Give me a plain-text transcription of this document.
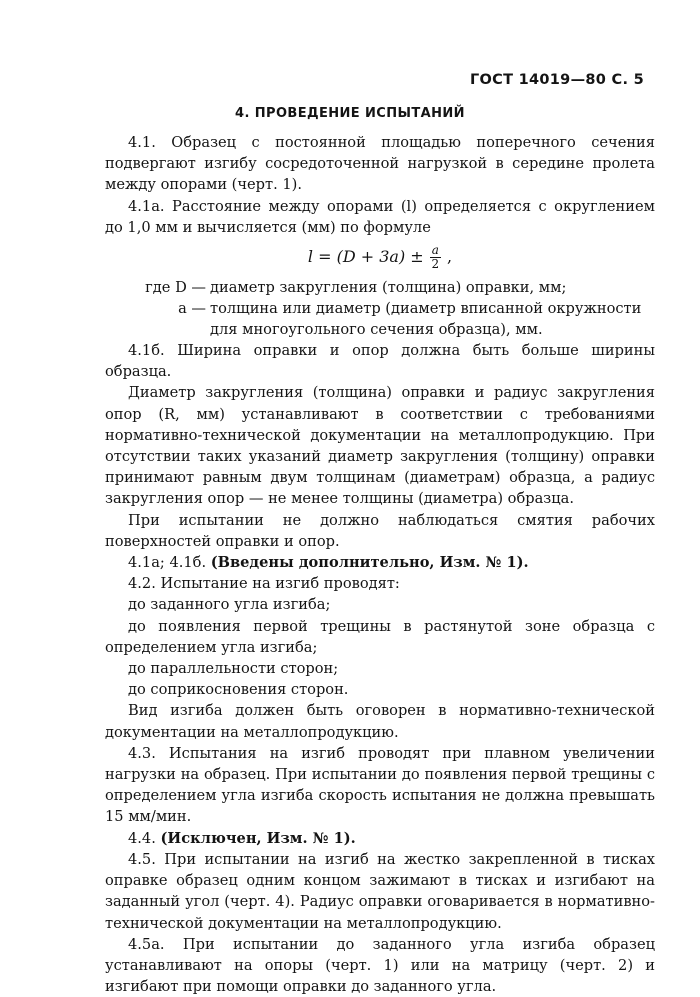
ГОСТ 14019—80 С. 5
4. ПРОВЕДЕНИЕ ИСПЫТАНИЙ

4.1. Образец с постоянной площадью поперечного сечения подвергают изгибу сосредоточенной нагрузкой в середине пролета между опорами (черт. 1).

4.1а. Расстояние между опорами (l) определяется с округлением до 1,0 мм и вычисляется (мм) по формуле

$l = (D + 3a) \pm \frac{a}{2}$ ,
где D — диаметр закругления (толщина) оправки, мм;
a — толщина или диаметр (диаметр вписанной окружности для многоугольного сечения образца), мм.

4.1б. Ширина оправки и опор должна быть больше ширины образца.

Диаметр закругления (толщина) оправки и радиус закругления опор (R, мм) устанавливают в соответствии с требованиями нормативно-технической документации на металлопродукцию. При отсутствии таких указаний диаметр закругления (толщину) оправки принимают равным двум толщинам (диаметрам) образца, а радиус закругления опор — не менее толщины (диаметра) образца.

При испытании не должно наблюдаться смятия рабочих поверхностей оправки и опор.

4.1а; 4.1б. (Введены дополнительно, Изм. № 1).

4.2. Испытание на изгиб проводят:

до заданного угла изгиба;

до появления первой трещины в растянутой зоне образца с определением угла изгиба;

до параллельности сторон;

до соприкосновения сторон.

Вид изгиба должен быть оговорен в нормативно-технической документации на металлопродукцию.

4.3. Испытания на изгиб проводят при плавном увеличении нагрузки на образец. При испытании до появления первой трещины с определением угла изгиба скорость испытания не должна превышать 15 мм/мин.

4.4. (Исключен, Изм. № 1).

4.5. При испытании на изгиб на жестко закрепленной в тисках оправке образец одним концом зажимают в тисках и изгибают на заданный угол (черт. 4). Радиус оправки оговаривается в нормативно-технической документации на металлопродукцию.

4.5а. При испытании до заданного угла изгиба образец устанавливают на опоры (черт. 1) или на матрицу (черт. 2) и изгибают при помощи оправки до заданного угла.
